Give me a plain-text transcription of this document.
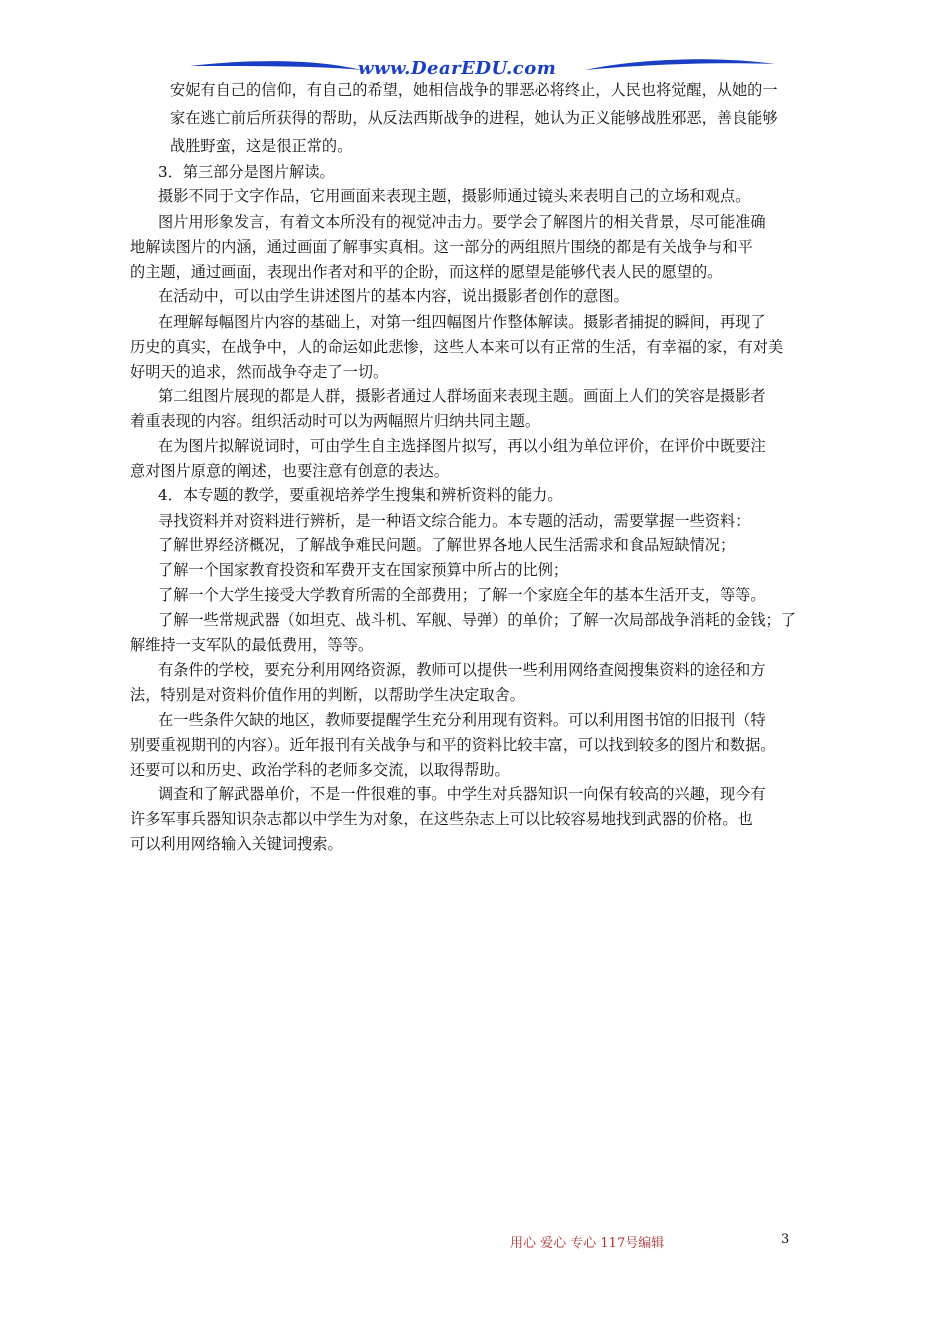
www.DearEDU.com
安妮有自己的信仰，有自己的希望，她相信战争的罪恶必将终止，人民也将觉醒，从她的一
家在逃亡前后所获得的帮助，从反法西斯战争的进程，她认为正义能够战胜邪恶，善良能够
战胜野蛮，这是很正常的。
3．第三部分是图片解读。
摄影不同于文字作品，它用画面来表现主题，摄影师通过镜头来表明自己的立场和观点。
图片用形象发言，有着文本所没有的视觉冲击力。要学会了解图片的相关背景，尽可能准确
地解读图片的内涵，通过画面了解事实真相。这一部分的两组照片围绕的都是有关战争与和平
的主题，通过画面，表现出作者对和平的企盼，而这样的愿望是能够代表人民的愿望的。
在活动中，可以由学生讲述图片的基本内容，说出摄影者创作的意图。
在理解每幅图片内容的基础上，对第一组四幅图片作整体解读。摄影者捕捉的瞬间，再现了
历史的真实，在战争中，人的命运如此悲惨，这些人本来可以有正常的生活，有幸福的家，有对美
好明天的追求，然而战争夺走了一切。
第二组图片展现的都是人群，摄影者通过人群场面来表现主题。画面上人们的笑容是摄影者
着重表现的内容。组织活动时可以为两幅照片归纳共同主题。
在为图片拟解说词时，可由学生自主选择图片拟写，再以小组为单位评价，在评价中既要注
意对图片原意的阐述，也要注意有创意的表达。
4．本专题的教学，要重视培养学生搜集和辨析资料的能力。
寻找资料并对资料进行辨析，是一种语文综合能力。本专题的活动，需要掌握一些资料：
了解世界经济概况，了解战争难民问题。了解世界各地人民生活需求和食品短缺情况；
了解一个国家教育投资和军费开支在国家预算中所占的比例；
了解一个大学生接受大学教育所需的全部费用；了解一个家庭全年的基本生活开支，等等。
了解一些常规武器（如坦克、战斗机、军舰、导弹）的单价；了解一次局部战争消耗的金钱；了
解维持一支军队的最低费用，等等。
有条件的学校，要充分利用网络资源，教师可以提供一些利用网络查阅搜集资料的途径和方
法，特别是对资料价值作用的判断，以帮助学生决定取舍。
在一些条件欠缺的地区，教师要提醒学生充分利用现有资料。可以利用图书馆的旧报刊（特
别要重视期刊的内容）。近年报刊有关战争与和平的资料比较丰富，可以找到较多的图片和数据。
还要可以和历史、政治学科的老师多交流，以取得帮助。
调查和了解武器单价，不是一件很难的事。中学生对兵器知识一向保有较高的兴趣，现今有
许多军事兵器知识杂志都以中学生为对象，在这些杂志上可以比较容易地找到武器的价格。也
可以利用网络输入关键词搜索。
用心 爱心 专心 117号编辑	3
